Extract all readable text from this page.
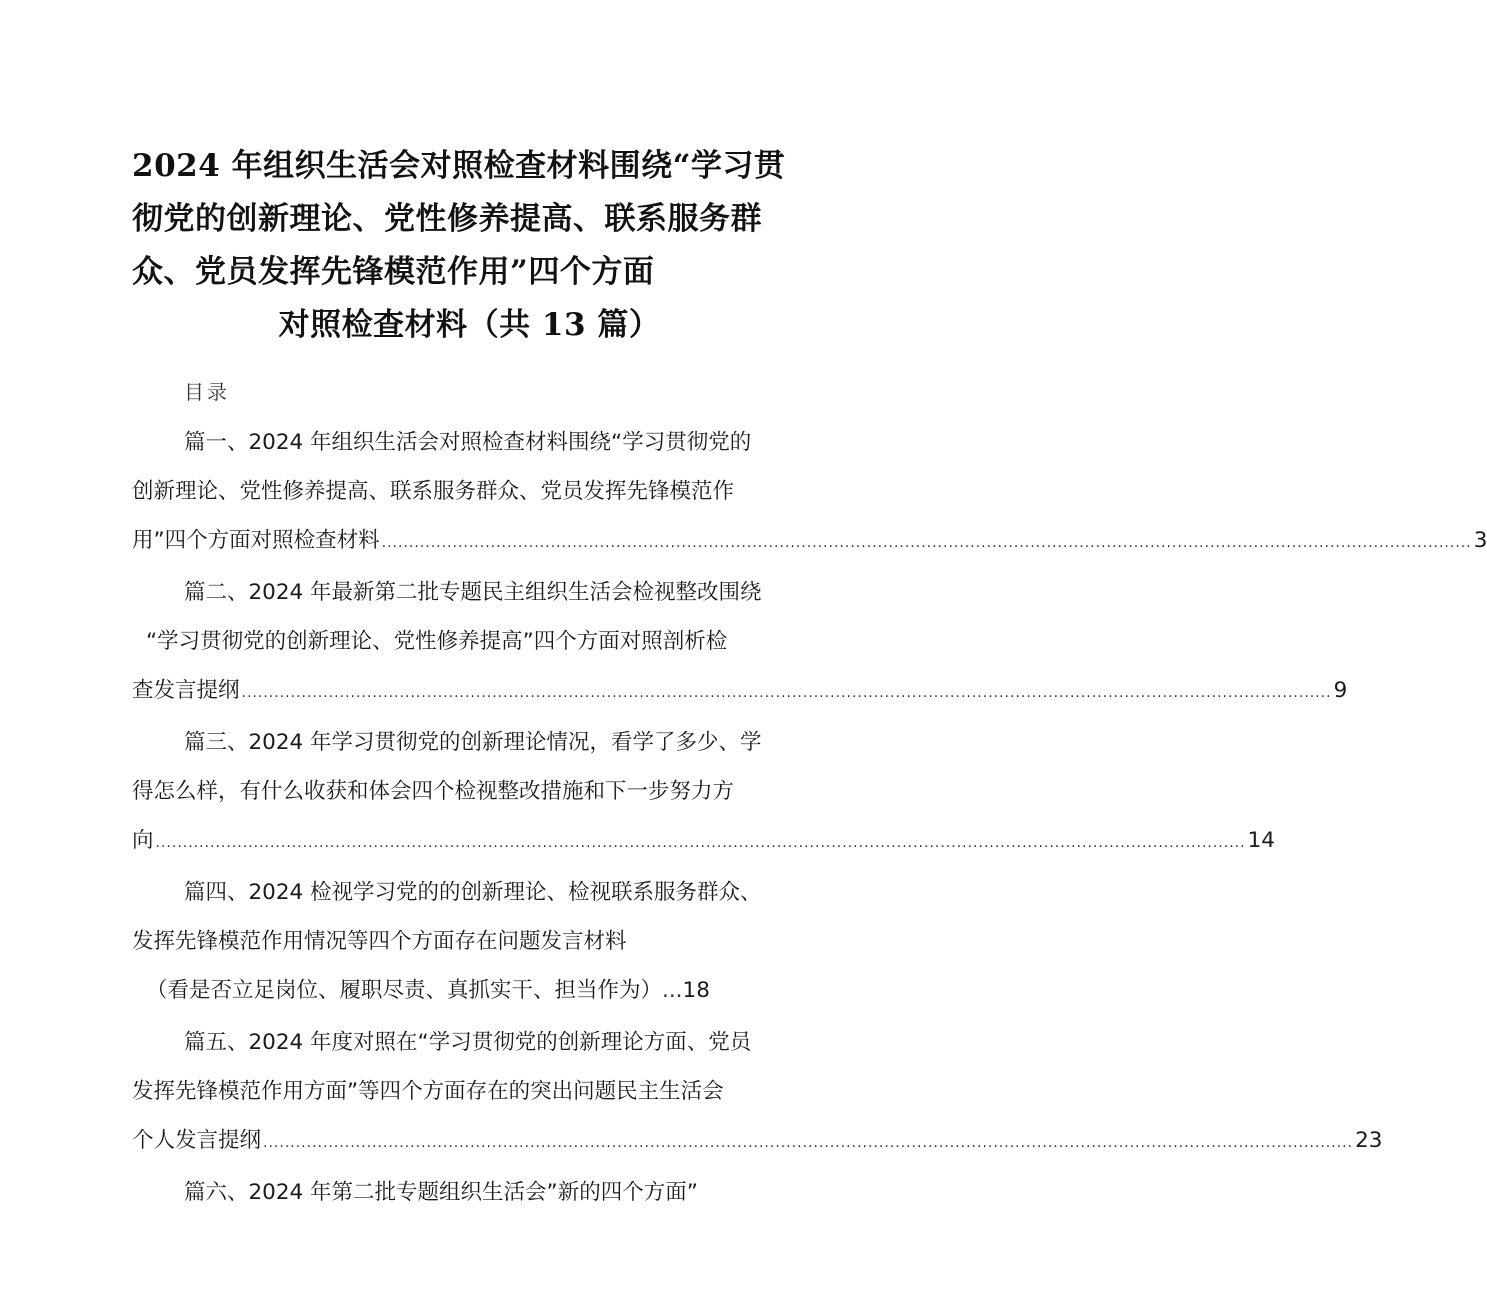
2024 年组织生活会对照检查材料围绕“学习贯
彻党的创新理论、党性修养提高、联系服务群
众、党员发挥先锋模范作用”四个方面
对照检查材料（共 13 篇）
目录
篇一、2024 年组织生活会对照检查材料围绕“学习贯彻党的
创新理论、党性修养提高、联系服务群众、党员发挥先锋模范作
用”四个方面对照检查材料 ........................................................................................................................................................................................................ 3
篇二、2024 年最新第二批专题民主组织生活会检视整改围绕
“学习贯彻党的创新理论、党性修养提高”四个方面对照剖析检
查发言提纲 ........................................................................................................................................................................................................ 9
篇三、2024 年学习贯彻党的创新理论情况，看学了多少、学
得怎么样，有什么收获和体会四个检视整改措施和下一步努力方
向 ........................................................................................................................................................................................................ 14
篇四、2024 检视学习党的的创新理论、检视联系服务群众、
发挥先锋模范作用情况等四个方面存在问题发言材料
（看是否立足岗位、履职尽责、真抓实干、担当作为） ... 18
篇五、2024 年度对照在“学习贯彻党的创新理论方面、党员
发挥先锋模范作用方面”等四个方面存在的突出问题民主生活会
个人发言提纲 ........................................................................................................................................................................................................ 23
篇六、2024 年第二批专题组织生活会”新的四个方面”
